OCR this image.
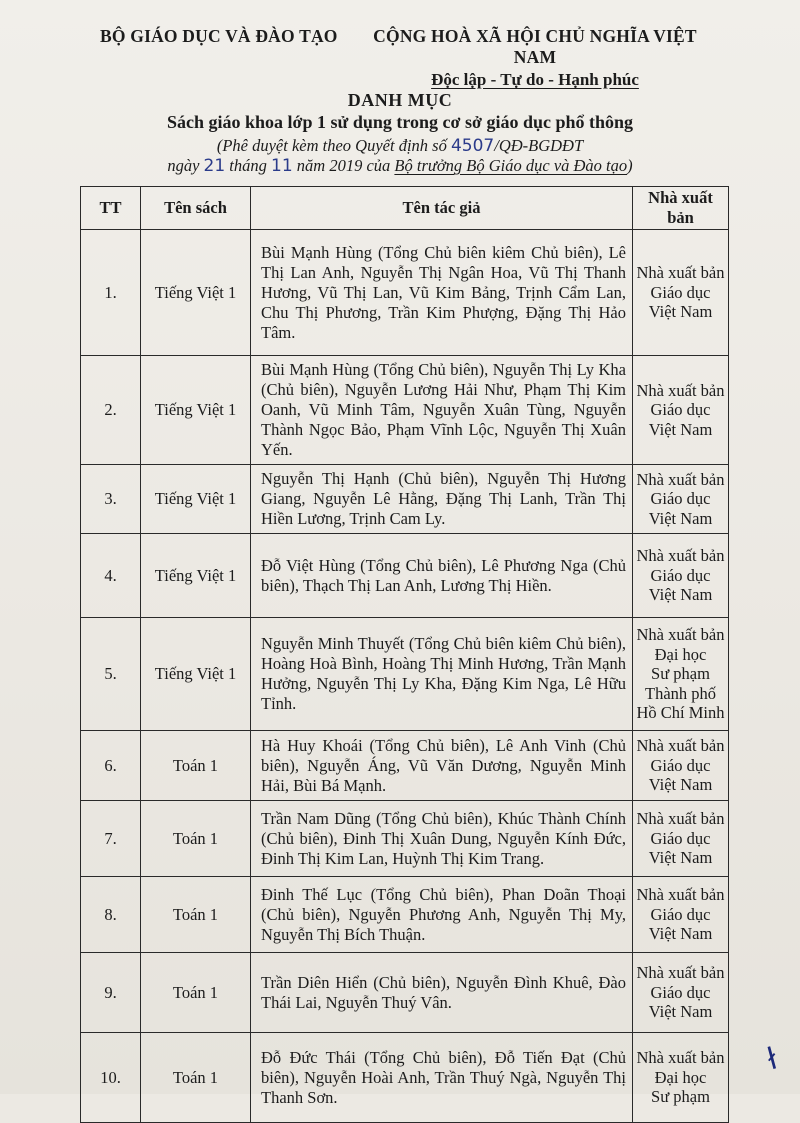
BỘ GIÁO DỤC VÀ ĐÀO TẠO	CỘNG HOÀ XÃ HỘI CHỦ NGHĨA VIỆT NAM
Độc lập - Tự do - Hạnh phúc
DANH MỤC
Sách giáo khoa lớp 1 sử dụng trong cơ sở giáo dục phổ thông
(Phê duyệt kèm theo Quyết định số 4507/QĐ-BGDĐT
ngày 21 tháng 11 năm 2019 của Bộ trưởng Bộ Giáo dục và Đào tạo)
TT	Tên sách	Tên tác giả	Nhà xuất bản
1.	Tiếng Việt 1	Bùi Mạnh Hùng (Tổng Chủ biên kiêm Chủ biên), Lê Thị Lan Anh, Nguyễn Thị Ngân Hoa, Vũ Thị Thanh Hương, Vũ Thị Lan, Vũ Kim Bảng, Trịnh Cẩm Lan, Chu Thị Phương, Trần Kim Phượng, Đặng Thị Hảo Tâm.	Nhà xuất bản
Giáo dục
Việt Nam

2.	Tiếng Việt 1	Bùi Mạnh Hùng (Tổng Chủ biên), Nguyễn Thị Ly Kha (Chủ biên), Nguyễn Lương Hải Như, Phạm Thị Kim Oanh, Vũ Minh Tâm, Nguyễn Xuân Tùng, Nguyễn Thành Ngọc Bảo, Phạm Vĩnh Lộc, Nguyễn Thị Xuân Yến.	Nhà xuất bản
Giáo dục
Việt Nam

3.	Tiếng Việt 1	Nguyễn Thị Hạnh (Chủ biên), Nguyễn Thị Hương Giang, Nguyễn Lê Hằng, Đặng Thị Lanh, Trần Thị Hiền Lương, Trịnh Cam Ly.	Nhà xuất bản
Giáo dục
Việt Nam

4.	Tiếng Việt 1	Đỗ Việt Hùng (Tổng Chủ biên), Lê Phương Nga (Chủ biên), Thạch Thị Lan Anh, Lương Thị Hiền.	Nhà xuất bản
Giáo dục
Việt Nam

5.	Tiếng Việt 1	Nguyễn Minh Thuyết (Tổng Chủ biên kiêm Chủ biên), Hoàng Hoà Bình, Hoàng Thị Minh Hương, Trần Mạnh Hưởng, Nguyễn Thị Ly Kha, Đặng Kim Nga, Lê Hữu Tỉnh.	Nhà xuất bản
Đại học
Sư phạm
Thành phố
Hồ Chí Minh

6.	Toán 1	Hà Huy Khoái (Tổng Chủ biên), Lê Anh Vinh (Chủ biên), Nguyễn Áng, Vũ Văn Dương, Nguyễn Minh Hải, Bùi Bá Mạnh.	Nhà xuất bản
Giáo dục
Việt Nam

7.	Toán 1	Trần Nam Dũng (Tổng Chủ biên), Khúc Thành Chính (Chủ biên), Đinh Thị Xuân Dung, Nguyễn Kính Đức, Đinh Thị Kim Lan, Huỳnh Thị Kim Trang.	Nhà xuất bản
Giáo dục
Việt Nam

8.	Toán 1	Đinh Thế Lục (Tổng Chủ biên), Phan Doãn Thoại (Chủ biên), Nguyễn Phương Anh, Nguyễn Thị My, Nguyễn Thị Bích Thuận.	Nhà xuất bản
Giáo dục
Việt Nam

9.	Toán 1	Trần Diên Hiển (Chủ biên), Nguyễn Đình Khuê, Đào Thái Lai, Nguyễn Thuý Vân.	Nhà xuất bản
Giáo dục
Việt Nam

10.	Toán 1	Đỗ Đức Thái (Tổng Chủ biên), Đỗ Tiến Đạt (Chủ biên), Nguyễn Hoài Anh, Trần Thuý Ngà, Nguyễn Thị Thanh Sơn.	Nhà xuất bản
Đại học
Sư phạm
ł
